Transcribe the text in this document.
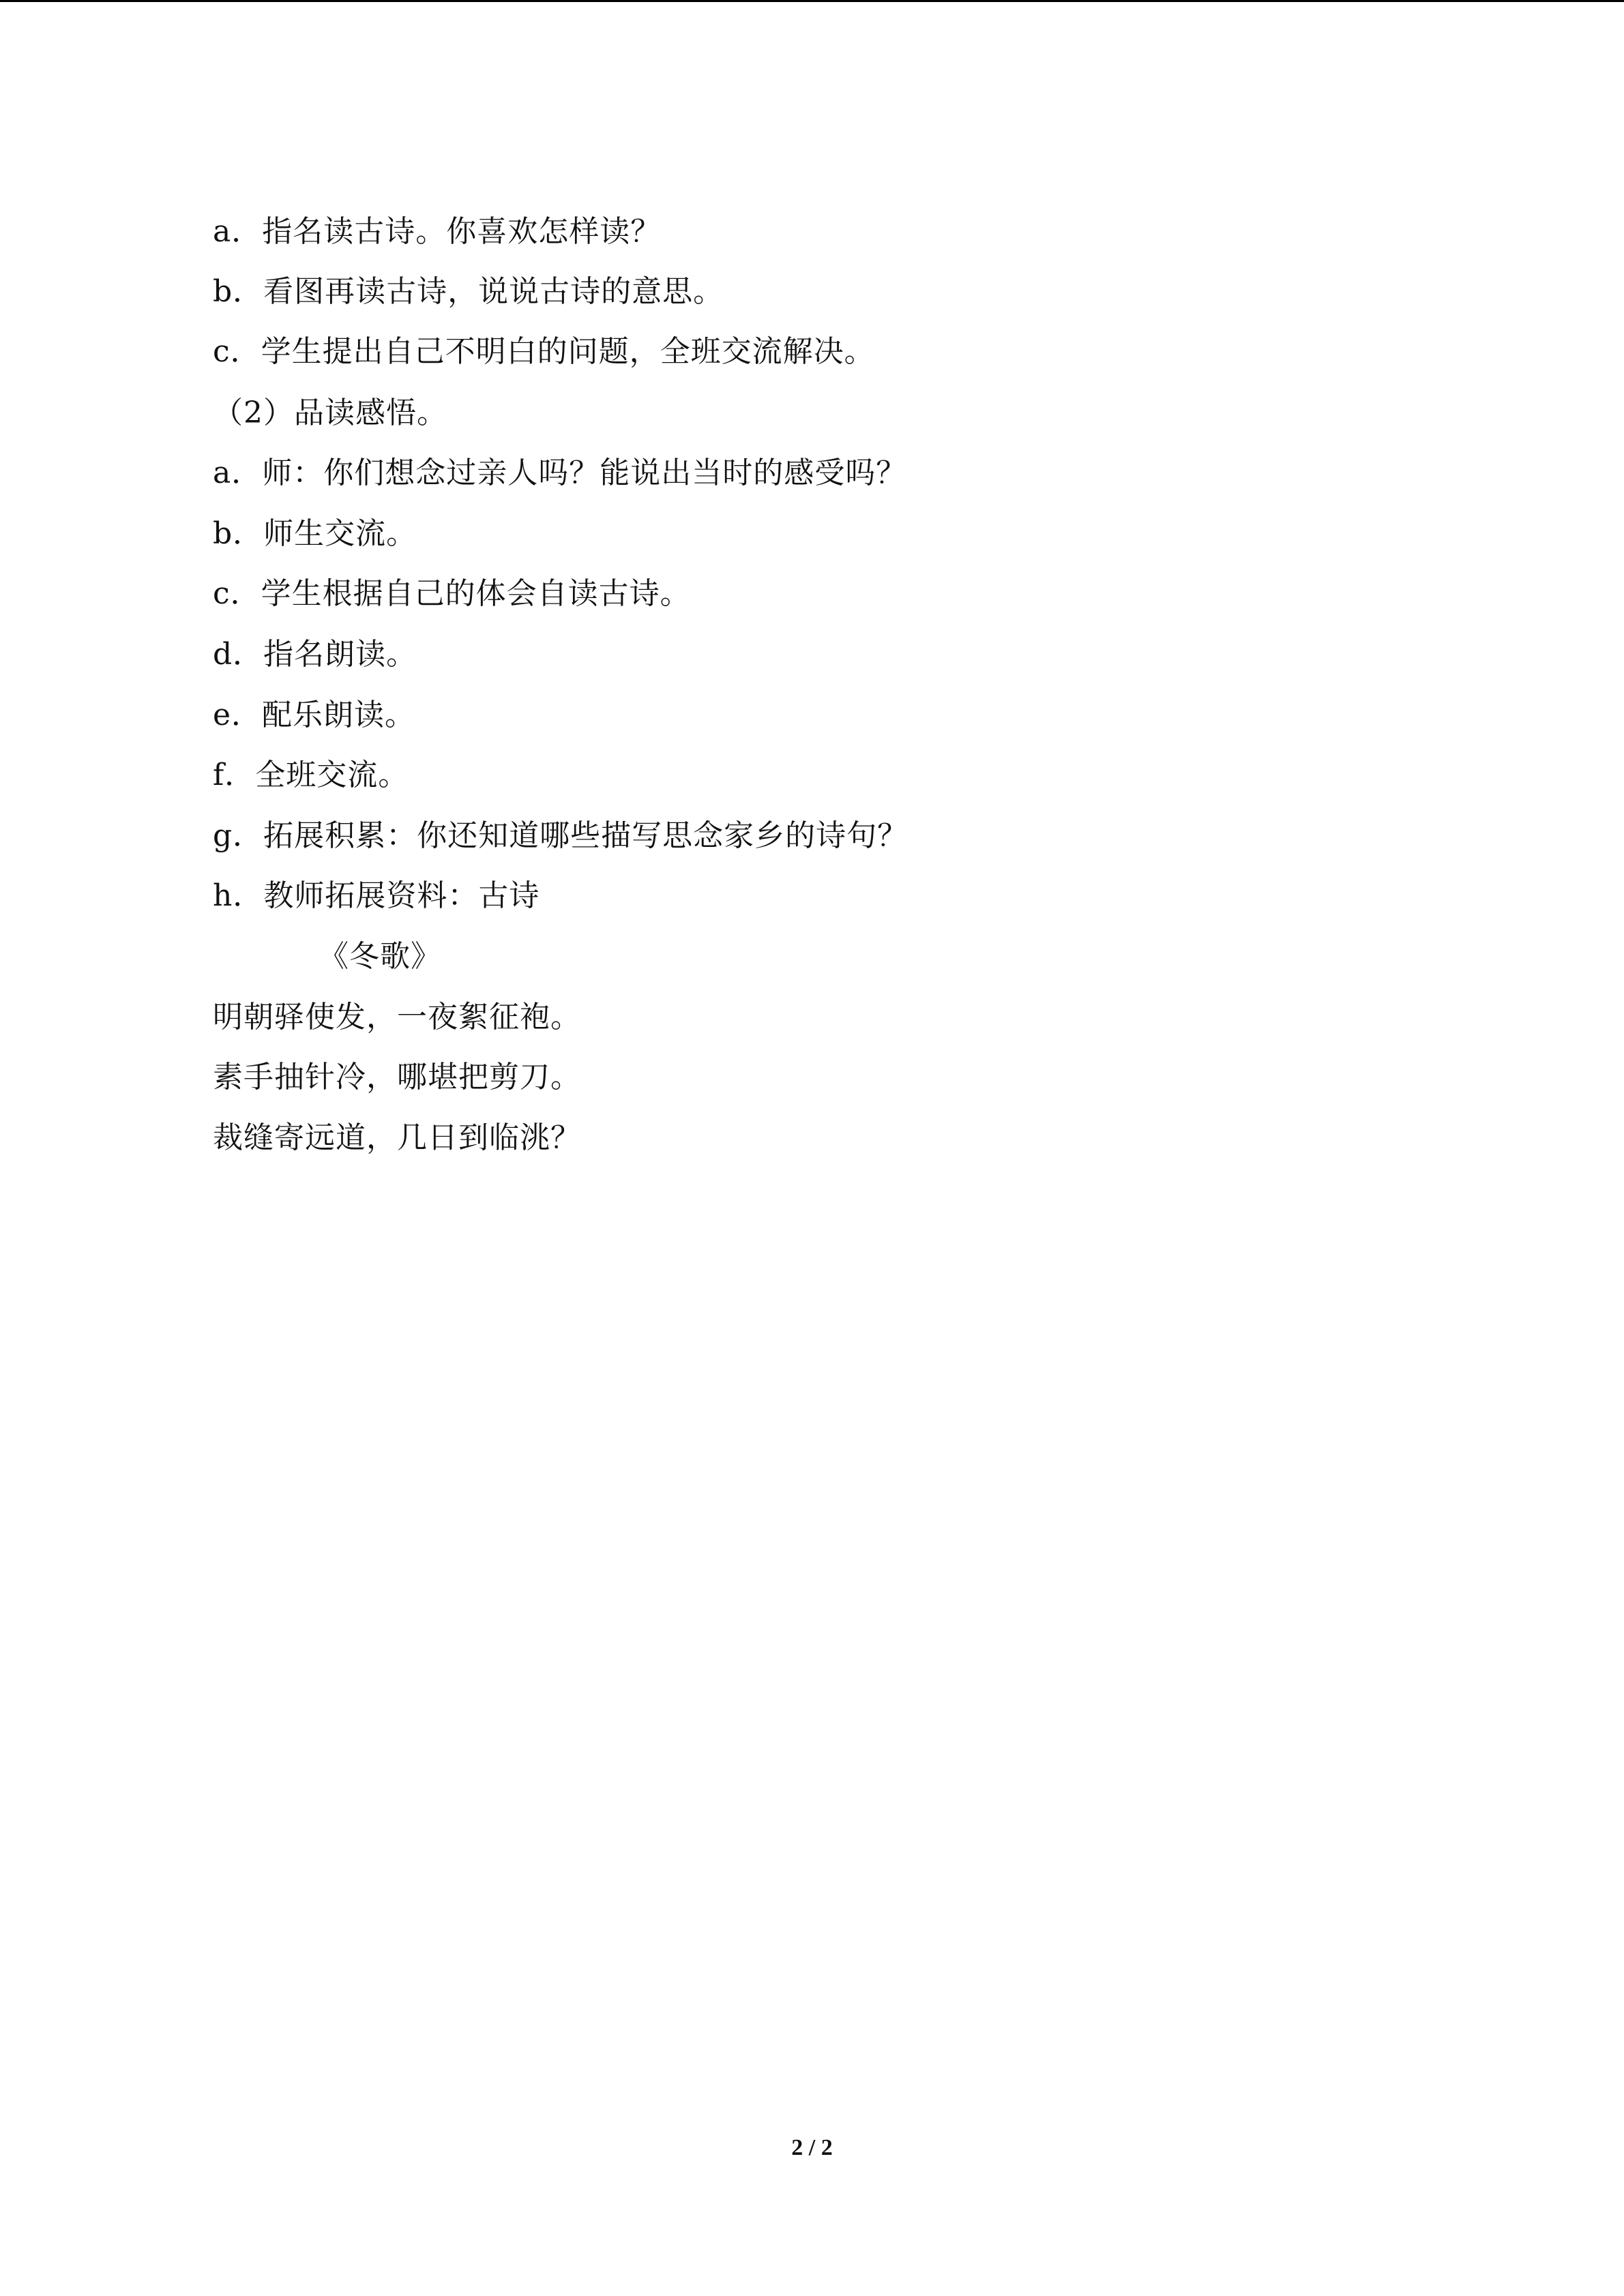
a．指名读古诗。你喜欢怎样读？
b．看图再读古诗，说说古诗的意思。
c．学生提出自己不明白的问题，全班交流解决。
（2）品读感悟。
a．师：你们想念过亲人吗？能说出当时的感受吗？
b．师生交流。
c．学生根据自己的体会自读古诗。
d．指名朗读。
e．配乐朗读。
f．全班交流。
g．拓展积累：你还知道哪些描写思念家乡的诗句？
h．教师拓展资料：古诗
《冬歌》
明朝驿使发，一夜絮征袍。
素手抽针冷，哪堪把剪刀。
裁缝寄远道，几日到临洮？
2 / 2
